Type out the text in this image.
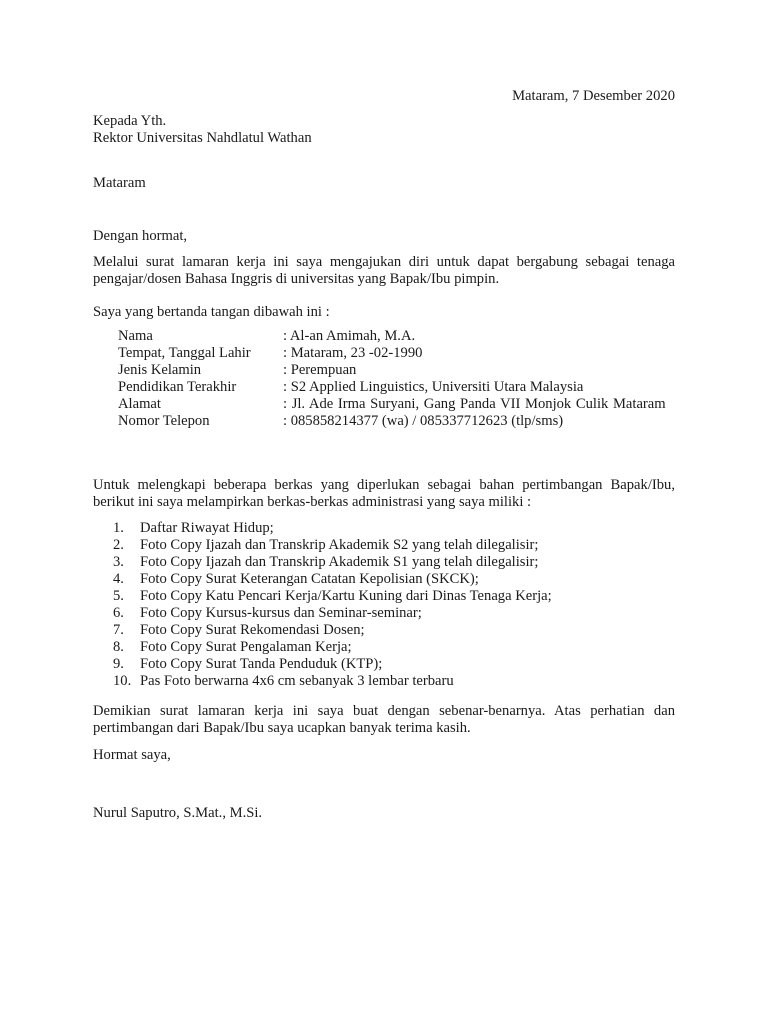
Mataram, 7 Desember 2020
Kepada Yth.
Rektor Universitas Nahdlatul Wathan
Mataram
Dengan hormat,
Melalui surat lamaran kerja ini saya mengajukan diri untuk dapat bergabung sebagai tenaga pengajar/dosen Bahasa Inggris di universitas yang Bapak/Ibu pimpin.
Saya yang bertanda tangan dibawah ini :
Nama	: Al-an Amimah, M.A.
Tempat, Tanggal Lahir	: Mataram, 23 -02-1990
Jenis Kelamin	: Perempuan
Pendidikan Terakhir	: S2 Applied Linguistics, Universiti Utara Malaysia
Alamat	: Jl. Ade Irma Suryani, Gang Panda VII Monjok Culik Mataram
Nomor Telepon	: 085858214377 (wa) / 085337712623 (tlp/sms)
Untuk melengkapi beberapa berkas yang diperlukan sebagai bahan pertimbangan Bapak/Ibu, berikut ini saya melampirkan berkas-berkas administrasi yang saya miliki :
1.	Daftar Riwayat Hidup;
2.	Foto Copy Ijazah dan Transkrip Akademik S2 yang telah dilegalisir;
3.	Foto Copy Ijazah dan Transkrip Akademik S1 yang telah dilegalisir;
4.	Foto Copy Surat Keterangan Catatan Kepolisian (SKCK);
5.	Foto Copy Katu Pencari Kerja/Kartu Kuning dari Dinas Tenaga Kerja;
6.	Foto Copy Kursus-kursus dan Seminar-seminar;
7.	Foto Copy Surat Rekomendasi Dosen;
8.	Foto Copy Surat Pengalaman Kerja;
9.	Foto Copy Surat Tanda Penduduk (KTP);
10. Pas Foto berwarna 4x6 cm sebanyak 3 lembar terbaru
Demikian surat lamaran kerja ini saya buat dengan sebenar-benarnya. Atas perhatian dan pertimbangan dari Bapak/Ibu saya ucapkan banyak terima kasih.
Hormat saya,
Nurul Saputro, S.Mat., M.Si.
